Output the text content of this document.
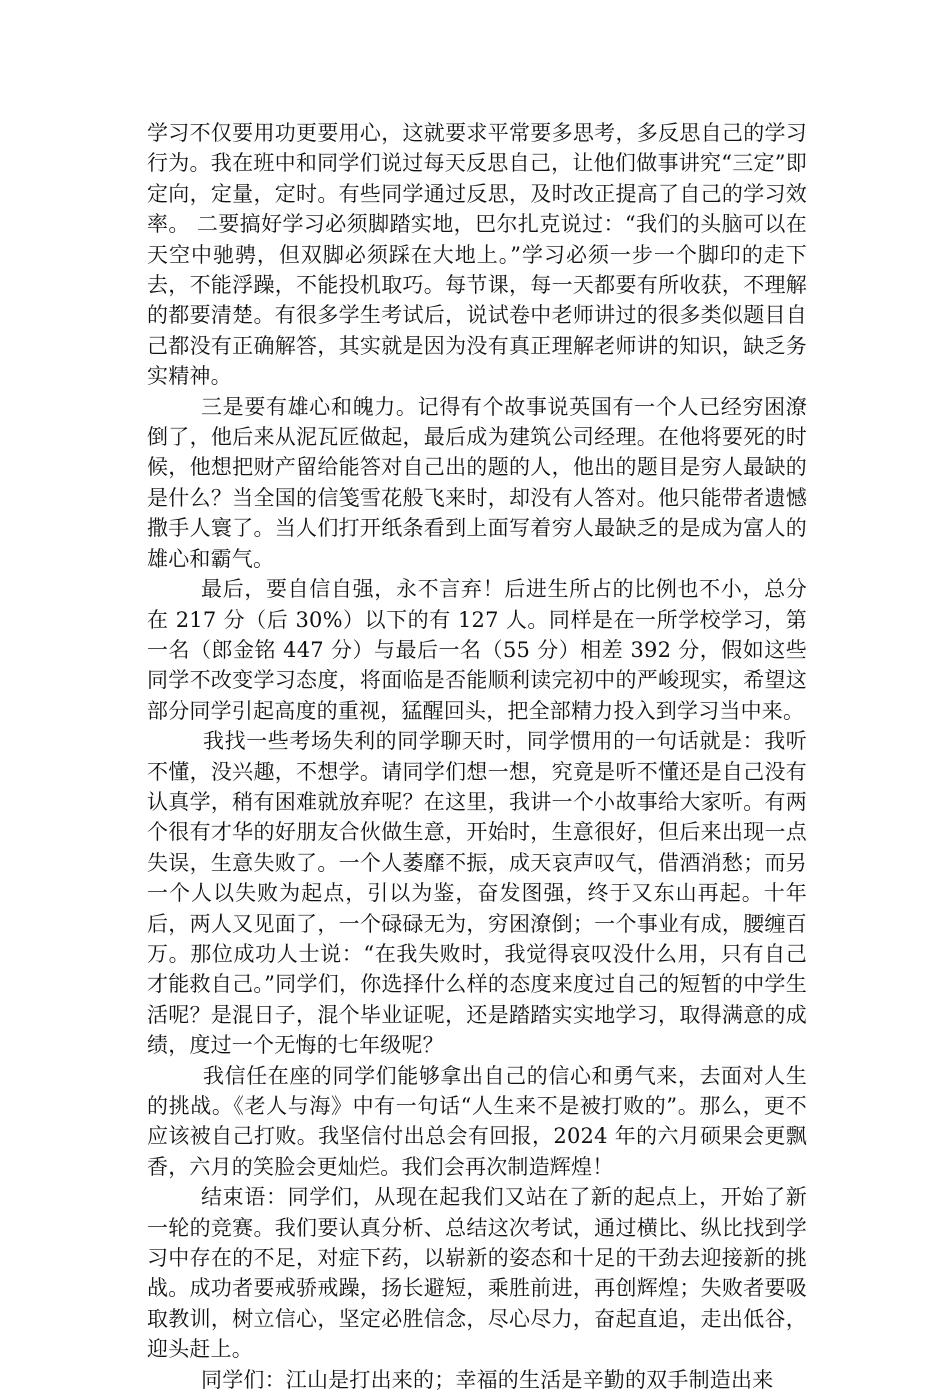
学习不仅要用功更要用心，这就要求平常要多思考，多反思自己的学习行为。我在班中和同学们说过每天反思自己，让他们做事讲究“三定”即定向，定量，定时。有些同学通过反思，及时改正提高了自己的学习效率。 二要搞好学习必须脚踏实地，巴尔扎克说过：“我们的头脑可以在天空中驰骋，但双脚必须踩在大地上。”学习必须一步一个脚印的走下去，不能浮躁，不能投机取巧。每节课，每一天都要有所收获，不理解的都要清楚。有很多学生考试后，说试卷中老师讲过的很多类似题目自己都没有正确解答，其实就是因为没有真正理解老师讲的知识，缺乏务实精神。

三是要有雄心和魄力。记得有个故事说英国有一个人已经穷困潦倒了，他后来从泥瓦匠做起，最后成为建筑公司经理。在他将要死的时候，他想把财产留给能答对自己出的题的人，他出的题目是穷人最缺的是什么？当全国的信笺雪花般飞来时，却没有人答对。他只能带者遗憾撒手人寰了。当人们打开纸条看到上面写着穷人最缺乏的是成为富人的雄心和霸气。

最后，要自信自强，永不言弃！后进生所占的比例也不小，总分在 217 分（后 30%）以下的有 127 人。同样是在一所学校学习，第一名（郎金铭 447 分）与最后一名（55 分）相差 392 分，假如这些同学不改变学习态度，将面临是否能顺利读完初中的严峻现实，希望这部分同学引起高度的重视，猛醒回头，把全部精力投入到学习当中来。

我找一些考场失利的同学聊天时，同学惯用的一句话就是：我听不懂，没兴趣，不想学。请同学们想一想，究竟是听不懂还是自己没有认真学，稍有困难就放弃呢？在这里，我讲一个小故事给大家听。有两个很有才华的好朋友合伙做生意，开始时，生意很好，但后来出现一点失误，生意失败了。一个人萎靡不振，成天哀声叹气，借酒消愁；而另一个人以失败为起点，引以为鉴，奋发图强，终于又东山再起。十年后，两人又见面了，一个碌碌无为，穷困潦倒；一个事业有成，腰缠百万。那位成功人士说：“在我失败时，我觉得哀叹没什么用，只有自己才能救自己。”同学们，你选择什么样的态度来度过自己的短暂的中学生活呢？是混日子，混个毕业证呢，还是踏踏实实地学习，取得满意的成绩，度过一个无悔的七年级呢？

我信任在座的同学们能够拿出自己的信心和勇气来，去面对人生的挑战。《老人与海》中有一句话“人生来不是被打败的”。那么，更不应该被自己打败。我坚信付出总会有回报，2024 年的六月硕果会更飘香，六月的笑脸会更灿烂。我们会再次制造辉煌！

结束语：同学们，从现在起我们又站在了新的起点上，开始了新一轮的竞赛。我们要认真分析、总结这次考试，通过横比、纵比找到学习中存在的不足，对症下药，以崭新的姿态和十足的干劲去迎接新的挑战。成功者要戒骄戒躁，扬长避短，乘胜前进，再创辉煌；失败者要吸取教训，树立信心，坚定必胜信念，尽心尽力，奋起直追，走出低谷，迎头赶上。

同学们：江山是打出来的；幸福的生活是辛勤的双手制造出来
